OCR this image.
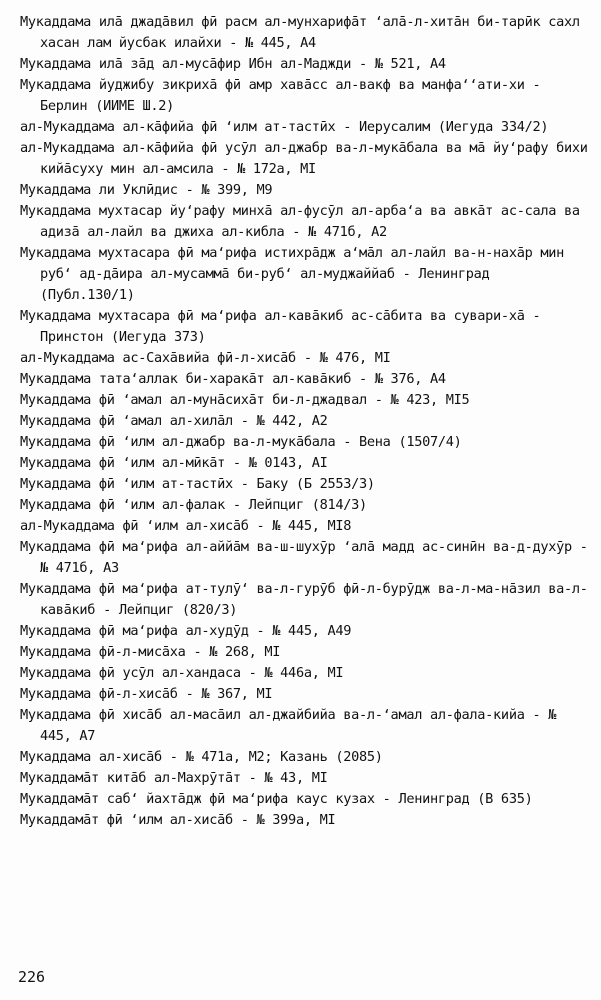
Мукаддама ила̄ джадāвил фӣ расм ал-мунхарифāт ‘ала̄-л-хита̄н би-тарӣк сахл хасан лам йусбак илайхи - № 445, А4
Мукаддама ила̄ за̄д ал-муса̄фир Ибн ал-Маджди - № 521, А4
Мукаддама йуджибу зикриха̄ фӣ амр хава̄сс ал-вакф ва манфа‘‘ати-хи - Берлин (ИИМЕ Ш.2)
ал-Мукаддама ал-ка̄фийа фӣ ‘илм ат-тастӣх - Иерусалим (Иегуда 334/2)
ал-Мукаддама ал-ка̄фийа фӣ усӯл ал-джабр ва-л-мука̄бала ва ма̄ йу‘рафу бихи кийа̄сухy мин ал-амсила - № 172а, МI
Мукаддама ли Уклӣдис - № 399, М9
Мукаддама мухтасар йу‘рафу минха̄ ал-фусӯл ал-арба‘а ва авка̄т ас-сала ва адиза̄ ал-лайл ва джиха ал-кибла - № 471б, А2
Мукаддама мухтасара фӣ ма‘рифа истихра̄дж а‘ма̄л ал-лайл ва-н-наха̄р мин руб‘ ад-да̄ира ал-мусамма̄ би-руб‘ ал-муджаййаб - Ленинград (Публ.130/1)
Мукаддама мухтасара фӣ ма‘рифа ал-кава̄киб ас-са̄бита ва сувари-ха̄ - Принстон (Иегуда 373)
ал-Мукаддама ас-Саха̄вийа фӣ-л-хиса̄б - № 476, МI
Мукаддама тата‘аллак би-харака̄т ал-кава̄киб - № 376, А4
Мукаддама фӣ ‘амал ал-муна̄сиха̄т би-л-джадвал - № 423, МI5
Мукаддама фӣ ‘амал ал-хила̄л - № 442, А2
Мукаддама фӣ ‘илм ал-джабр ва-л-мука̄бала - Вена (1507/4)
Мукаддама фӣ ‘илм ал-мӣка̄т - № 0143, АI
Мукаддама фӣ ‘илм ат-тастӣх - Баку (Б 2553/3)
Мукаддама фӣ ‘илм ал-фалак - Лейпциг (814/3)
ал-Мукаддама фӣ ‘илм ал-хиса̄б - № 445, МI8
Мукаддама фӣ ма‘рифа ал-аййа̄м ва-ш-шухӯр ‘ала̄ мадд ас-синӣн ва-д-духӯр - № 471б, А3
Мукаддама фӣ ма‘рифа ат-тулӯ‘ ва-л-гурӯб фӣ-л-бурӯдж ва-л-ма-на̄зил ва-л-кава̄киб - Лейпциг (820/3)
Мукаддама фӣ ма‘рифа ал-худӯд - № 445, А49
Мукаддама фӣ-л-миса̄ха - № 268, МI
Мукаддама фӣ усӯл ал-хандаса - № 446а, МI
Мукаддама фӣ-л-хиса̄б - № 367, МI
Мукаддама фӣ хиса̄б ал-маса̄ил ал-джайбийа ва-л-‘амал ал-фала-кийа - № 445, А7
Мукаддама ал-хиса̄б - № 471а, М2; Казань (2085)
Мукаддама̄т кита̄б ал-Махрӯта̄т - № 43, МI
Мукаддама̄т саб‘ йахта̄дж фӣ ма‘рифа каус кузах - Ленинград (В 635)
Мукаддама̄т фӣ ‘илм ал-хиса̄б - № 399а, МI
226
